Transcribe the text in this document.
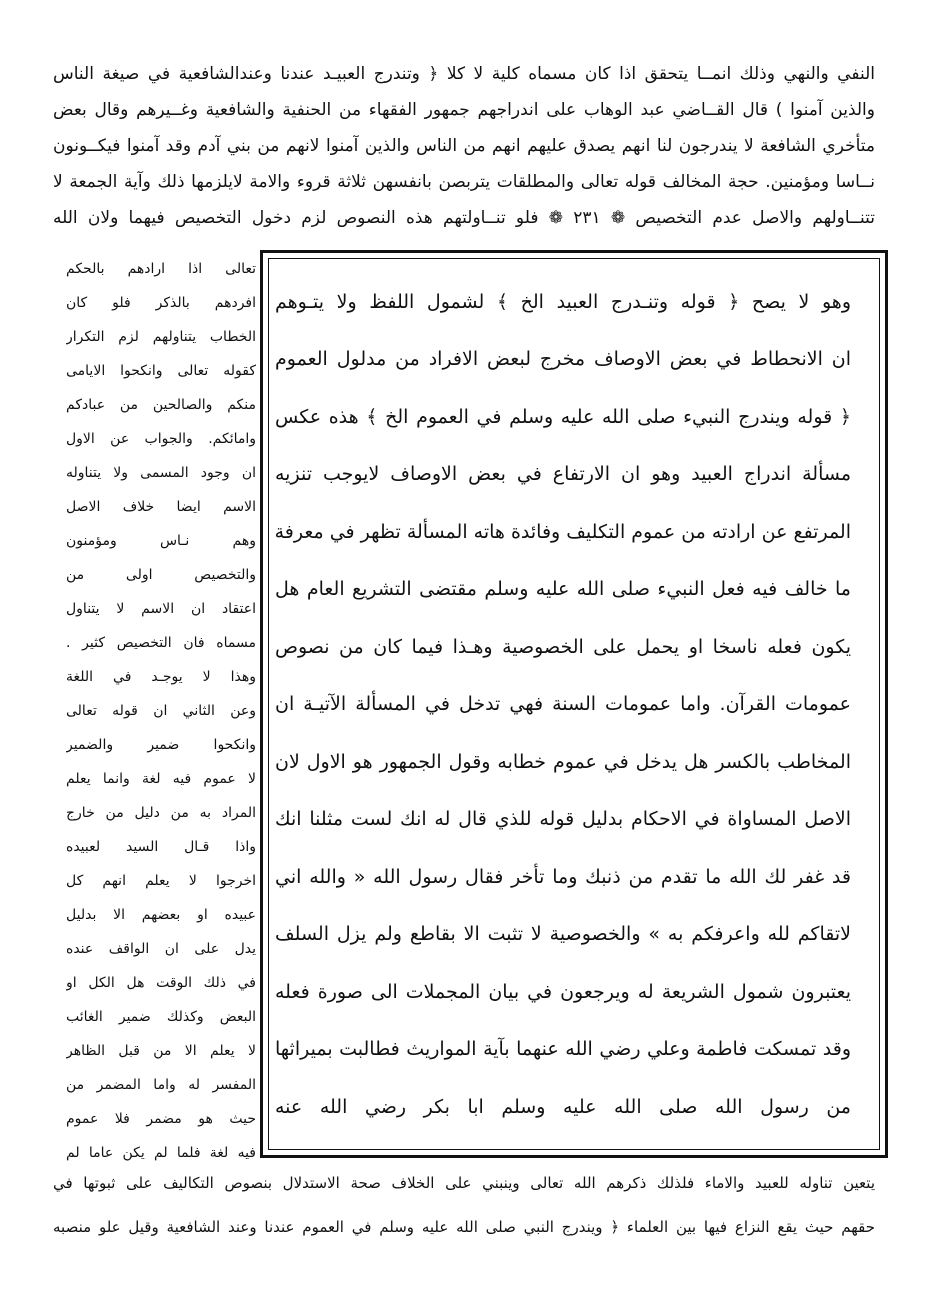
النفي والنهي وذلك انمــا يتحقق اذا كان مسماه كلية لا كلا ﴿ وتندرج العبيـد عندنا وعندالشافعية في صيغة الناس
والذين آمنوا ) قال القــاضي عبد الوهاب على اندراجهم جمهور الفقهاء من الحنفية والشافعية وغــيرهم وقال بعض
متأخري الشافعة لا يندرجون لنا انهم يصدق عليهم انهم من الناس والذين آمنوا لانهم من بني آدم وقد آمنوا فيكــونون
نــاسا ومؤمنين. حجة المخالف قوله تعالى والمطلقات يتربصن بانفسهن ثلاثة قروء والامة لايلزمها ذلك وآية الجمعة لا
تتنــاولهم والاصل عدم التخصيص ❁ ٢٣١ ❁ فلو تنــاولتهم هذه النصوص لزم دخول التخصيص فيهما ولان الله
وهو لا يصح ﴿ قوله وتنـدرج العبيد الخ ﴾ لشمول اللفظ ولا يتـوهم
ان الانحطاط في بعض الاوصاف مخرج لبعض الافراد من مدلول العموم
﴿ قوله ويندرج النبيء صلى الله عليه وسلم في العموم الخ ﴾ هذه عكس
مسألة اندراج العبيد وهو ان الارتفاع في بعض الاوصاف لايوجب تنزيه
المرتفع عن ارادته من عموم التكليف وفائدة هاته المسألة تظهر في معرفة
ما خالف فيه فعل النبيء صلى الله عليه وسلم مقتضى التشريع العام هل
يكون فعله ناسخا او يحمل على الخصوصية وهـذا فيما كان من نصوص
عمومات القرآن. واما عمومات السنة فهي تدخل في المسألة الآتيـة ان
المخاطب بالكسر هل يدخل في عموم خطابه وقول الجمهور هو الاول لان
الاصل المساواة في الاحكام بدليل قوله للذي قال له انك لست مثلنا انك
قد غفر لك الله ما تقدم من ذنبك وما تأخر فقال رسول الله « والله اني
لاتقاكم لله واعرفكم به » والخصوصية لا تثبت الا بقاطع ولم يزل السلف
يعتبرون شمول الشريعة له ويرجعون في بيان المجملات الى صورة فعله
وقد تمسكت فاطمة وعلي رضي الله عنهما بآية المواريث فطالبت بميراثها
من رسول الله صلى الله عليه وسلم ابا بكر رضي الله عنه
تعالى اذا ارادهم بالحكم
افردهم بالذكر فلو كان
الخطاب يتناولهم لزم التكرار
كقوله تعالى وانكحوا الايامى
منكم والصالحين من عبادكم
وامائكم. والجواب عن الاول
ان وجود المسمى ولا يتناوله
الاسم ايضا خلاف الاصل
وهم نـاس ومؤمنون
والتخصيص اولى من
اعتقاد ان الاسم لا يتناول
مسماه فان التخصيص كثير .
وهذا لا يوجـد في اللغة
وعن الثاني ان قوله تعالى
وانكحوا ضمير والضمير
لا عموم فيه لغة وانما يعلم
المراد به من دليل من خارج
واذا قـال السيد لعبيده
اخرجوا لا يعلم انهم كل
عبيده او بعضهم الا بدليل
يدل على ان الواقف عنده
في ذلك الوقت هل الكل او
البعض وكذلك ضمير الغائب
لا يعلم الا من قبل الظاهر
المفسر له واما المضمر من
حيث هو مضمر فلا عموم
فيه لغة فلما لم يكن عاما لم
يتعين تناوله للعبيد والاماء فلذلك ذكرهم الله تعالى وينبني على الخلاف صحة الاستدلال بنصوص التكاليف على ثبوتها في
حقهم حيث يقع النزاع فيها بين العلماء ﴿ ويندرج النبي صلى الله عليه وسلم في العموم عندنا وعند الشافعية وقيل علو منصبه
